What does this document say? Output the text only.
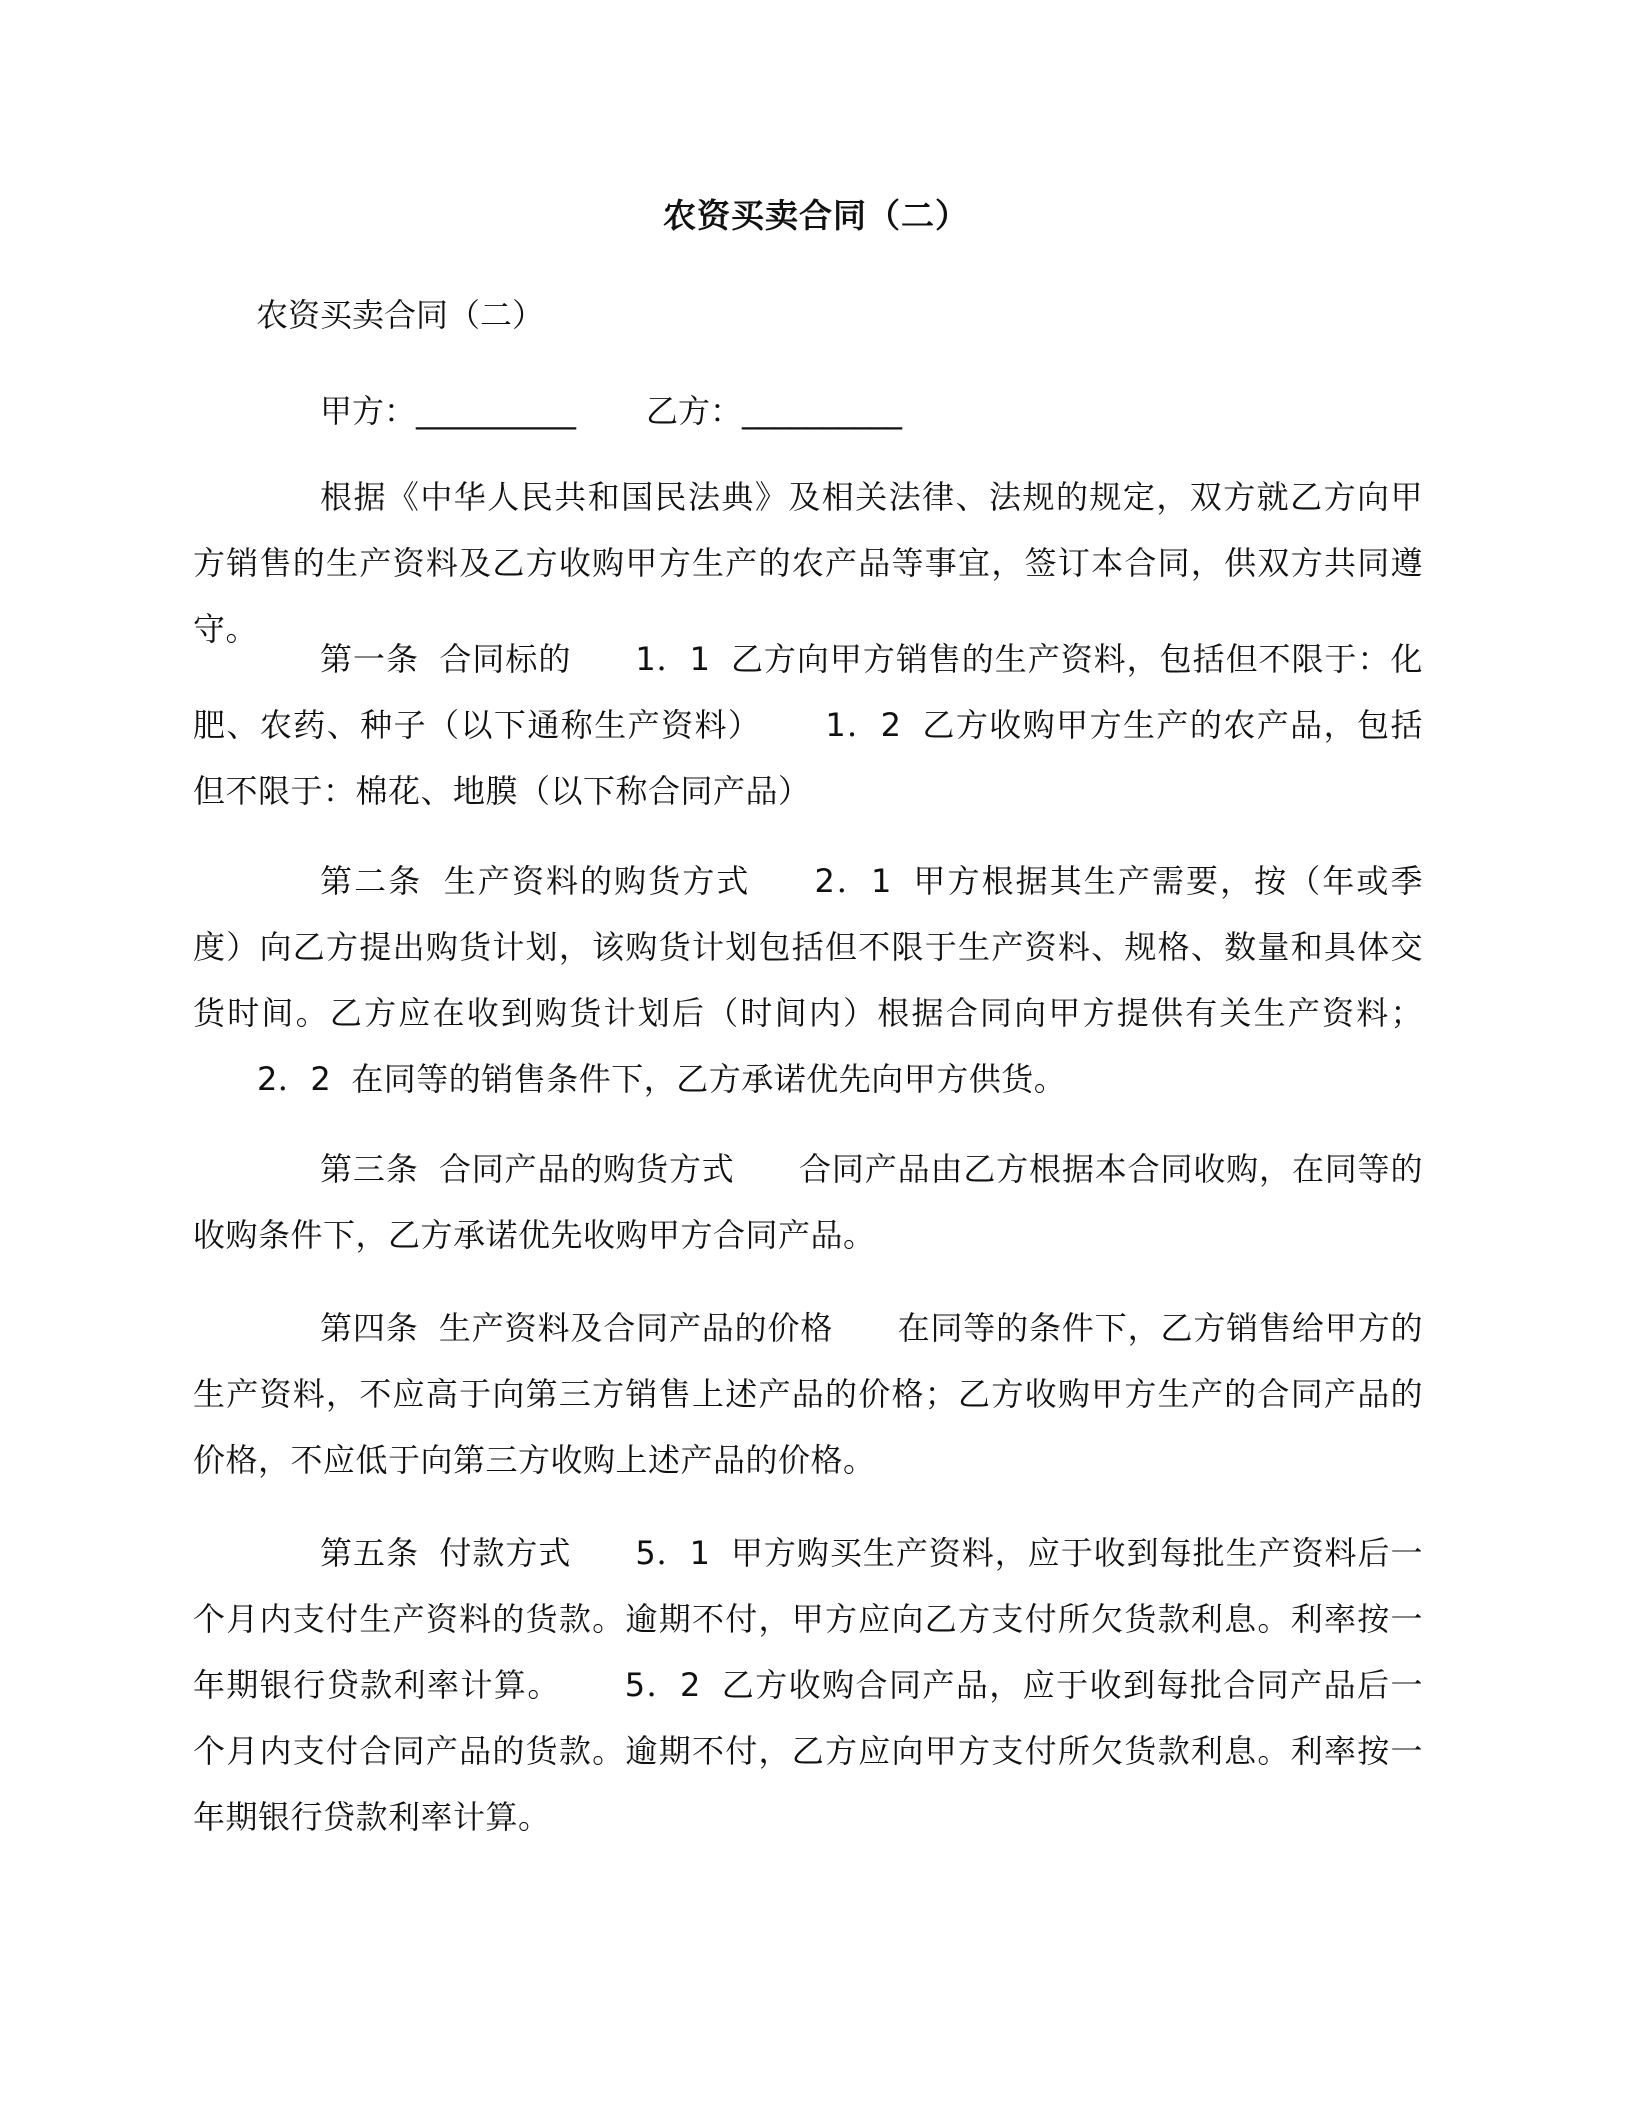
农资买卖合同（二）
农资买卖合同（二）
甲方：__________ 乙方：__________
根据《中华人民共和国民法典》及相关法律、法规的规定，双方就乙方向甲方销售的生产资料及乙方收购甲方生产的农产品等事宜，签订本合同，供双方共同遵守。
第一条 合同标的 1．1 乙方向甲方销售的生产资料，包括但不限于：化肥、农药、种子（以下通称生产资料） 1．2 乙方收购甲方生产的农产品，包括但不限于：棉花、地膜（以下称合同产品）
第二条 生产资料的购货方式 2．1 甲方根据其生产需要，按（年或季度）向乙方提出购货计划，该购货计划包括但不限于生产资料、规格、数量和具体交货时间。乙方应在收到购货计划后（时间内）根据合同向甲方提供有关生产资料；2．2 在同等的销售条件下，乙方承诺优先向甲方供货。
第三条 合同产品的购货方式 合同产品由乙方根据本合同收购，在同等的收购条件下，乙方承诺优先收购甲方合同产品。
第四条 生产资料及合同产品的价格 在同等的条件下，乙方销售给甲方的生产资料，不应高于向第三方销售上述产品的价格；乙方收购甲方生产的合同产品的价格，不应低于向第三方收购上述产品的价格。
第五条 付款方式 5．1 甲方购买生产资料，应于收到每批生产资料后一个月内支付生产资料的货款。逾期不付，甲方应向乙方支付所欠货款利息。利率按一年期银行贷款利率计算。 5．2 乙方收购合同产品，应于收到每批合同产品后一个月内支付合同产品的货款。逾期不付，乙方应向甲方支付所欠货款利息。利率按一年期银行贷款利率计算。
